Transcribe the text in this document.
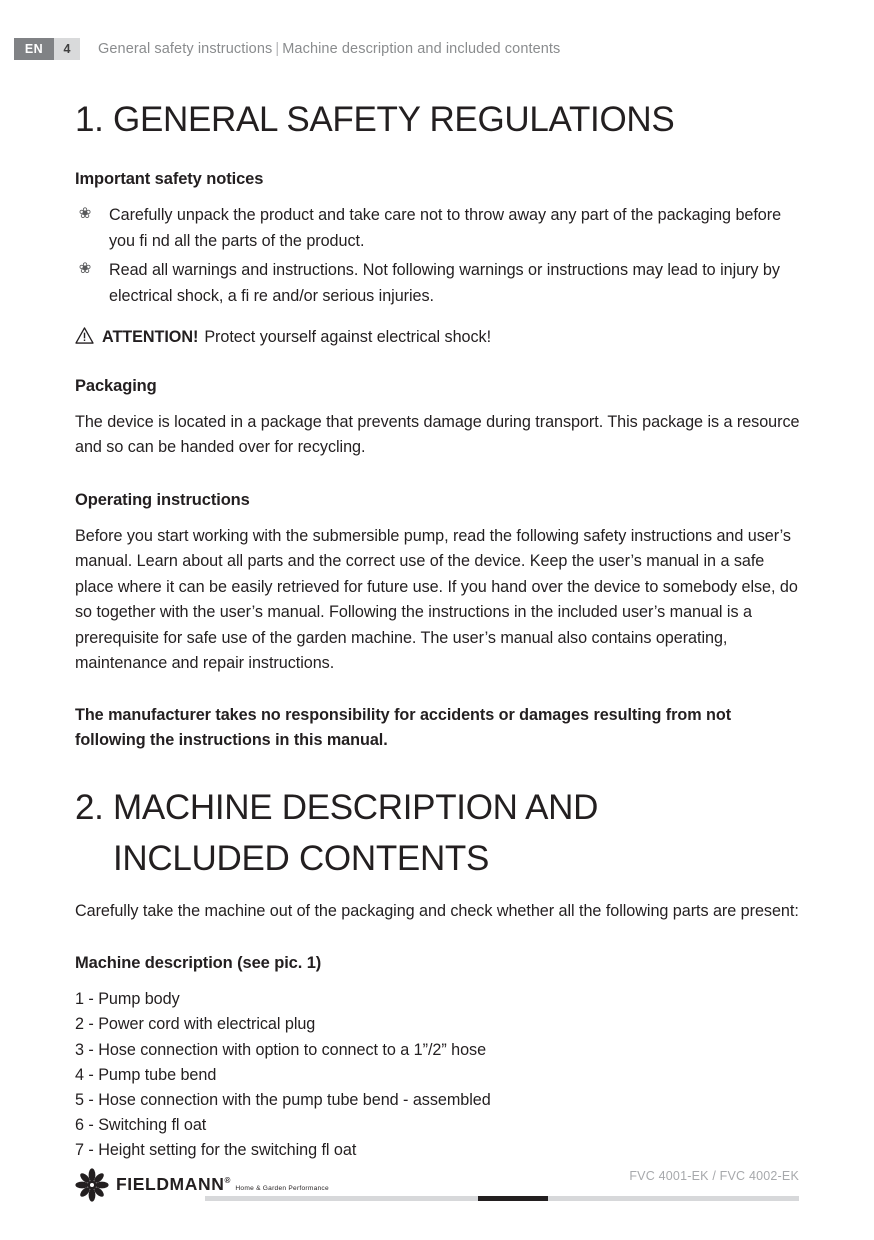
EN	4	General safety instructions | Machine description and included contents
1. GENERAL SAFETY REGULATIONS
Important safety notices
❀ Carefully unpack the product and take care not to throw away any part of the packaging before you fi nd all the parts of the product.
❀ Read all warnings and instructions. Not following warnings or instructions may lead to injury by electrical shock, a fi re and/or serious injuries.
ATTENTION! Protect yourself against electrical shock!
Packaging

The device is located in a package that prevents damage during transport. This package is a resource and so can be handed over for recycling.

Operating instructions

Before you start working with the submersible pump, read the following safety instructions and user’s manual. Learn about all parts and the correct use of the device. Keep the user’s manual in a safe place where it can be easily retrieved for future use. If you hand over the device to somebody else, do so together with the user’s manual. Following the instructions in the included user’s manual is a prerequisite for safe use of the garden machine. The user’s manual also contains operating, maintenance and repair instructions.

The manufacturer takes no responsibility for accidents or damages resulting from not following the instructions in this manual.

2. MACHINE DESCRIPTION AND
INCLUDED CONTENTS

Carefully take the machine out of the packaging and check whether all the following parts are present:

Machine description (see pic. 1)
1 - Pump body
2 - Power cord with electrical plug
3 - Hose connection with option to connect to a 1”/2” hose
4 - Pump tube bend
5 - Hose connection with the pump tube bend - assembled
6 - Switching fl oat
7 - Height setting for the switching fl oat
FIELDMANN® Home & Garden Performance
FVC 4001-EK / FVC 4002-EK
